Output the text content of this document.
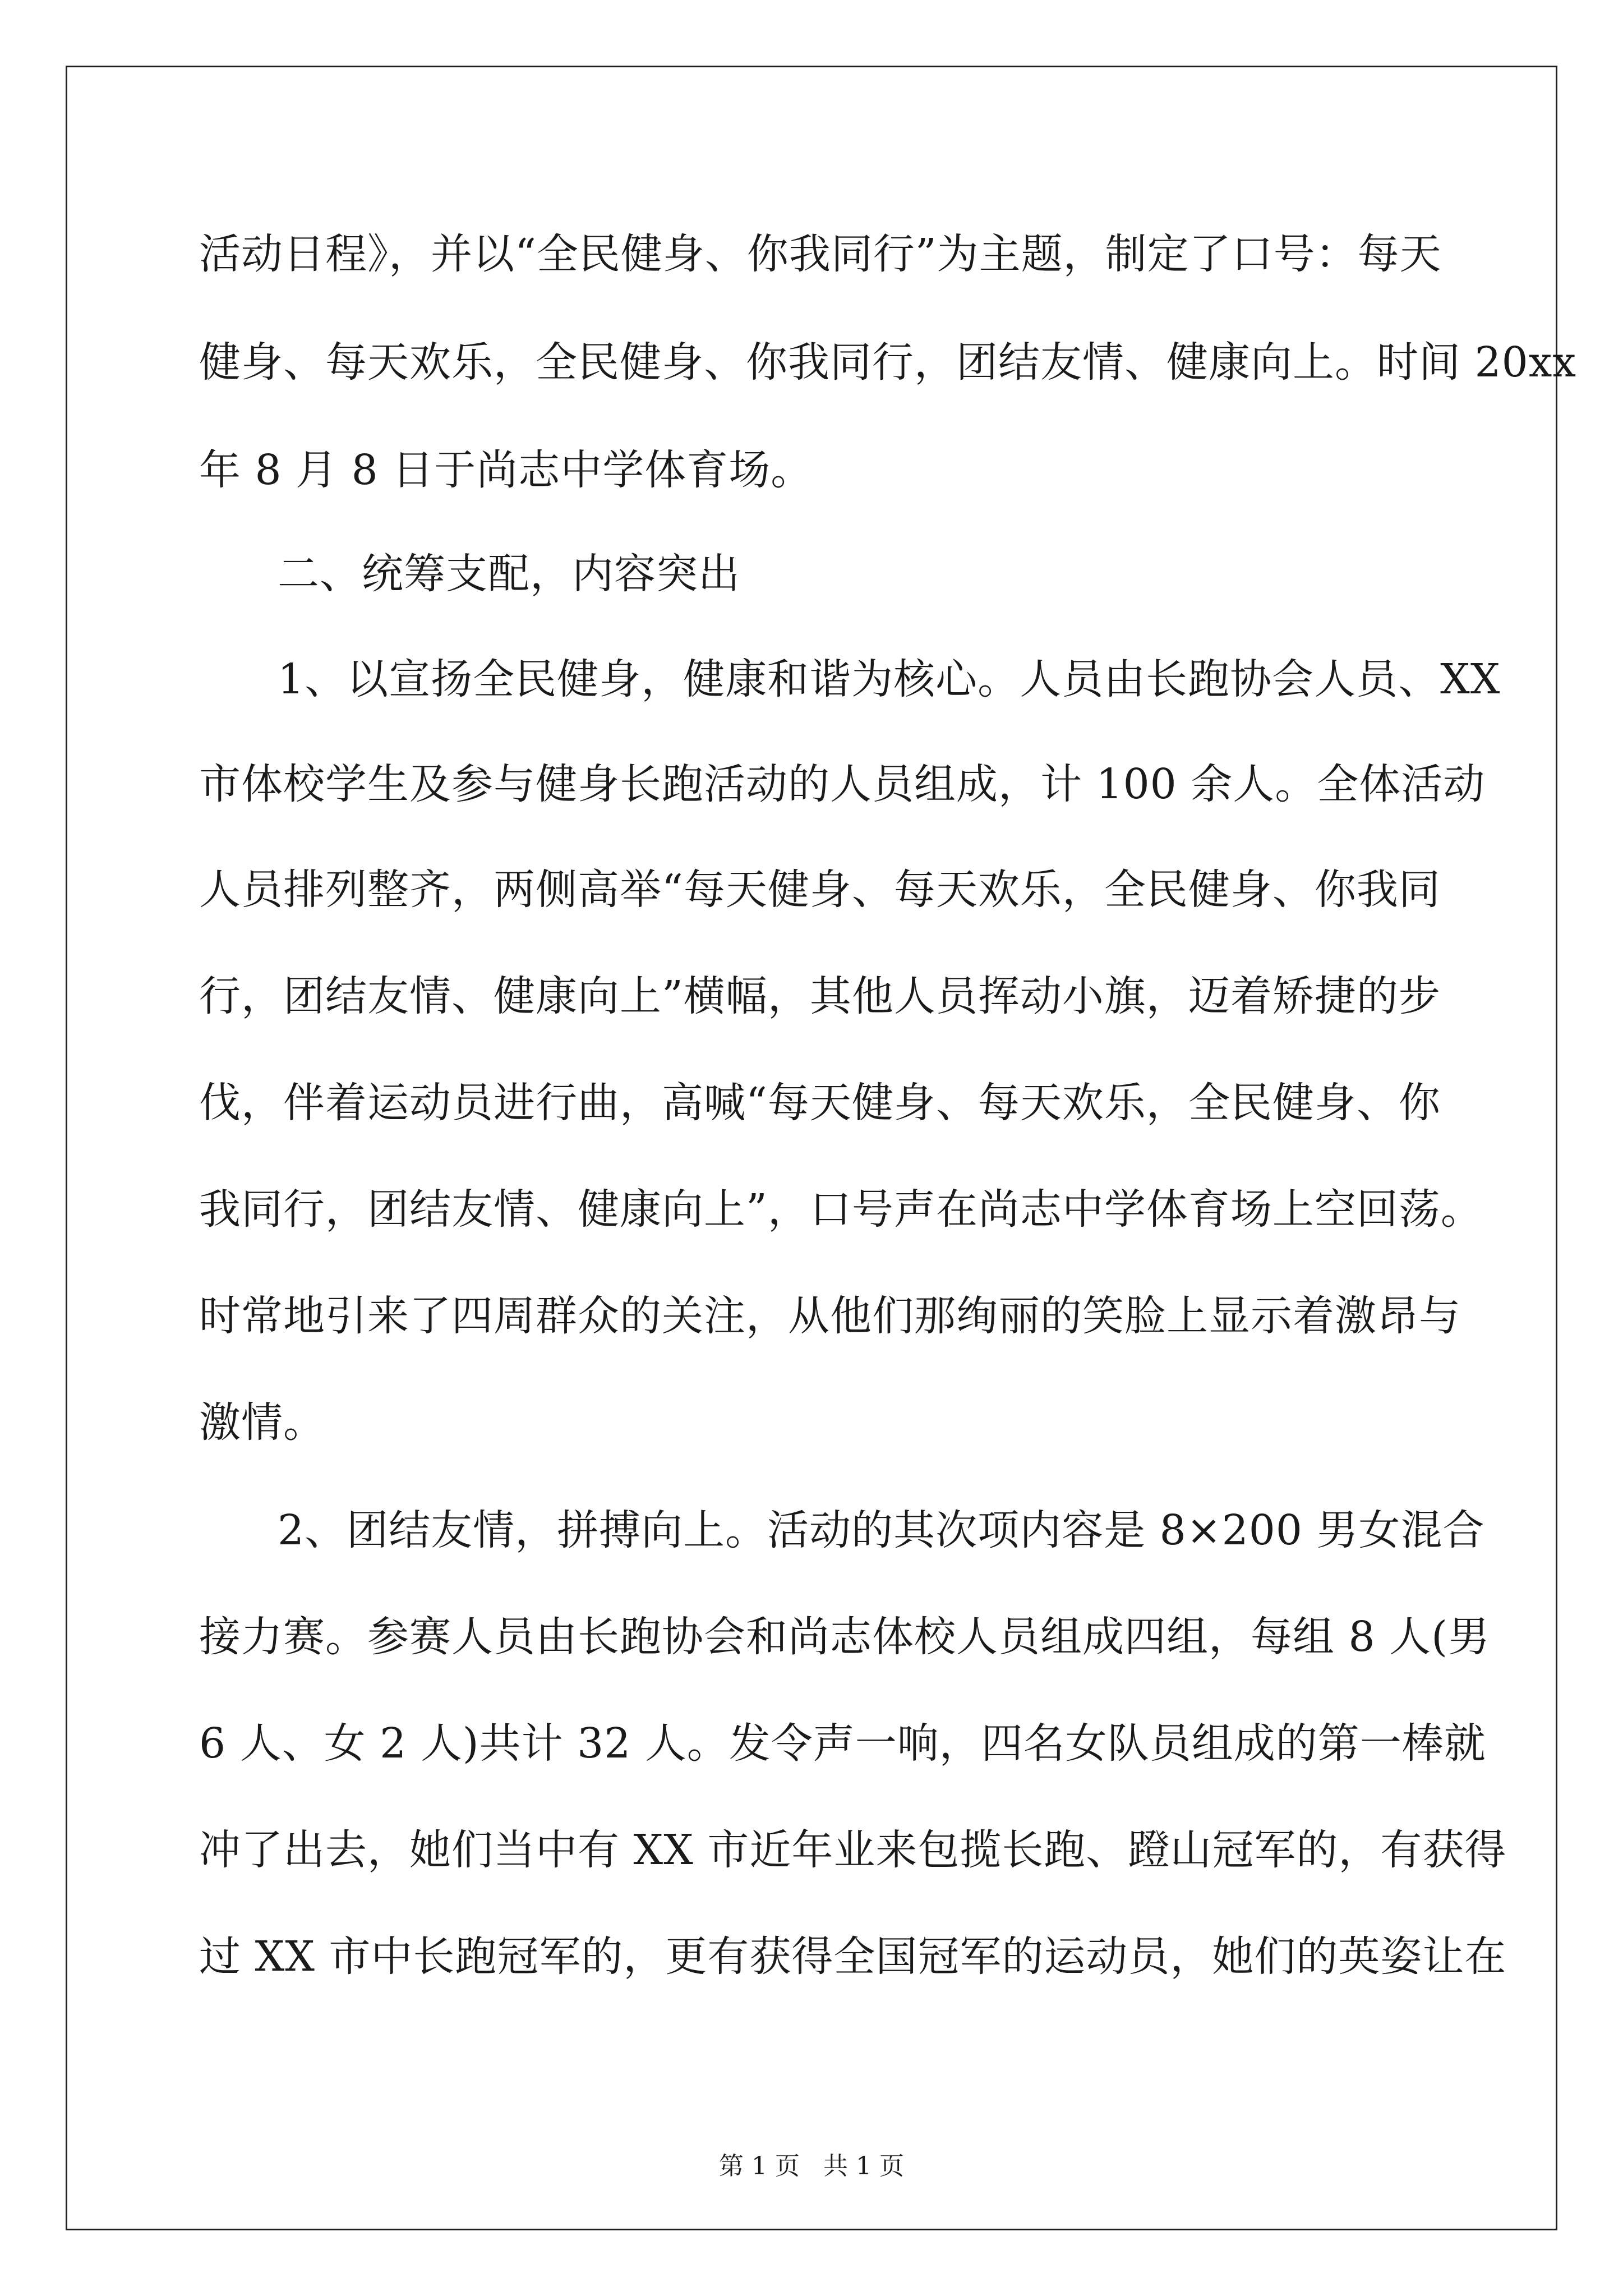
活动日程》，并以“全民健身、你我同行”为主题，制定了口号：每天
健身、每天欢乐，全民健身、你我同行，团结友情、健康向上。时间 20xx
年 8 月 8 日于尚志中学体育场。
二、统筹支配，内容突出
1、以宣扬全民健身，健康和谐为核心。人员由长跑协会人员、XX
市体校学生及参与健身长跑活动的人员组成，计 100 余人。全体活动
人员排列整齐，两侧高举“每天健身、每天欢乐，全民健身、你我同
行，团结友情、健康向上”横幅，其他人员挥动小旗，迈着矫捷的步
伐，伴着运动员进行曲，高喊“每天健身、每天欢乐，全民健身、你
我同行，团结友情、健康向上”，口号声在尚志中学体育场上空回荡。
时常地引来了四周群众的关注，从他们那绚丽的笑脸上显示着激昂与
激情。
2、团结友情，拼搏向上。活动的其次项内容是 8×200 男女混合
接力赛。参赛人员由长跑协会和尚志体校人员组成四组，每组 8 人(男
6 人、女 2 人)共计 32 人。发令声一响，四名女队员组成的第一棒就
冲了出去，她们当中有 XX 市近年业来包揽长跑、蹬山冠军的，有获得
过 XX 市中长跑冠军的，更有获得全国冠军的运动员，她们的英姿让在
第 1 页   共 1 页
